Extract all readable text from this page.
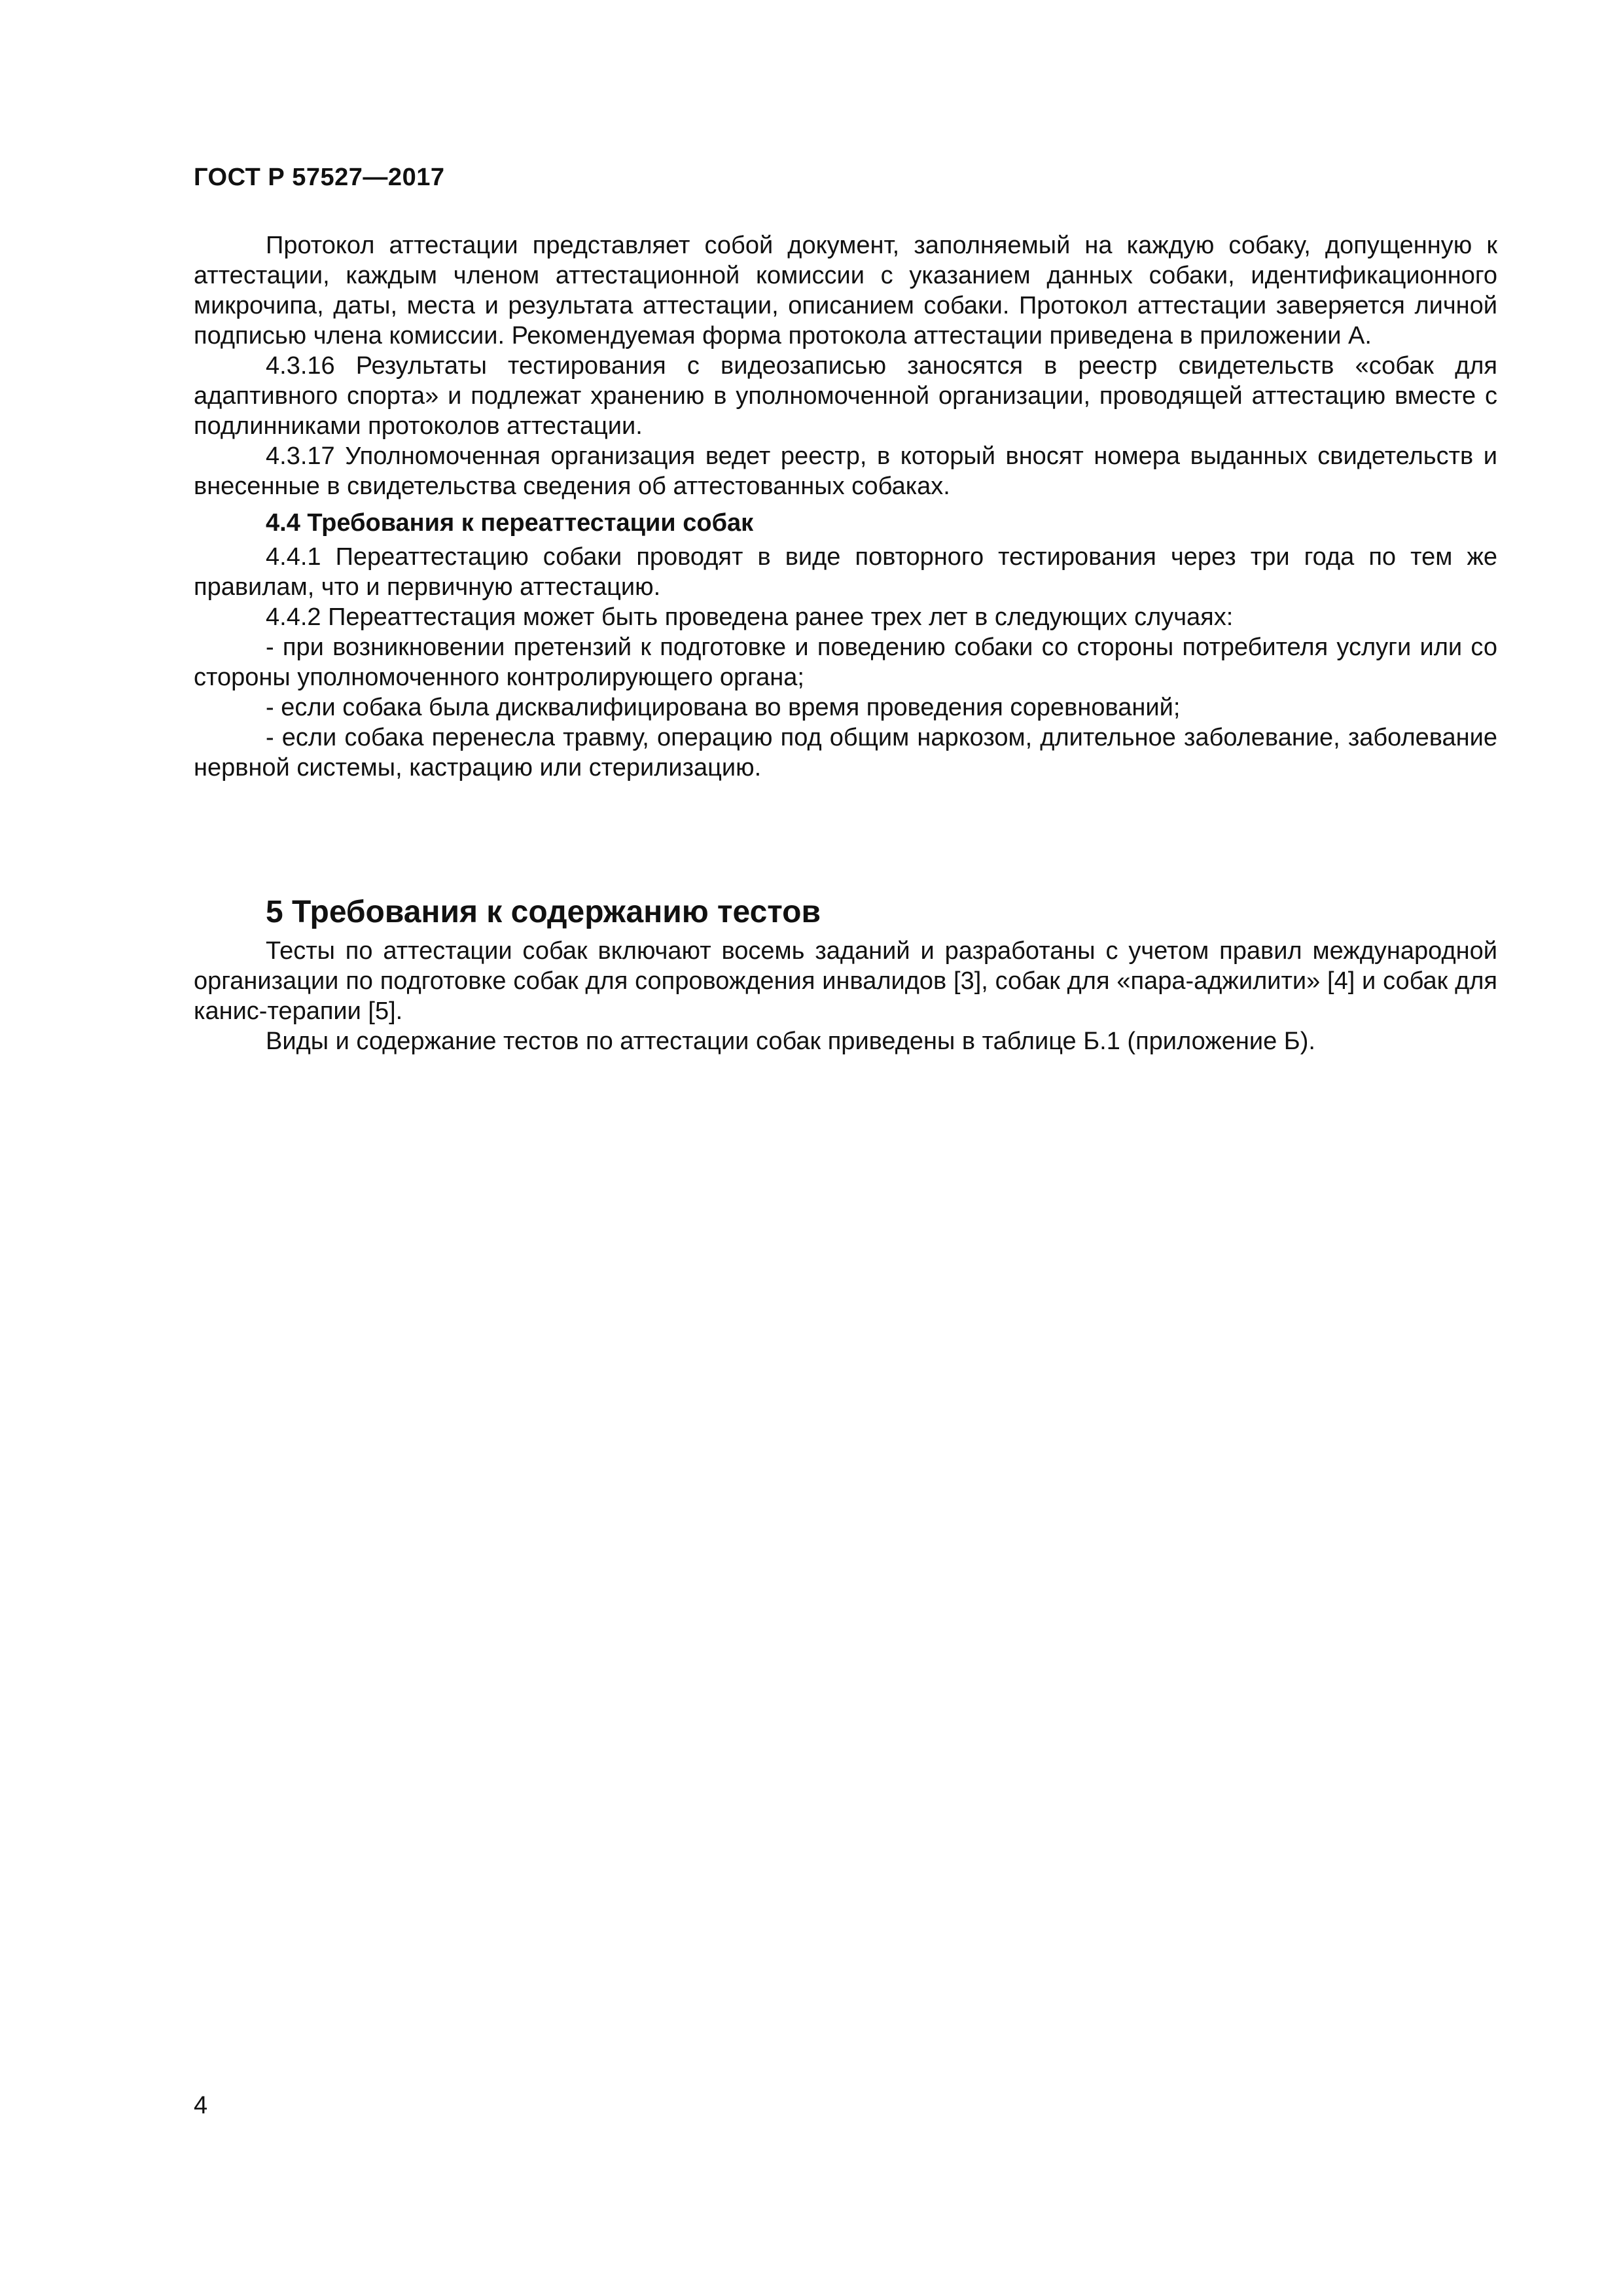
ГОСТ Р 57527—2017

Протокол аттестации представляет собой документ, заполняемый на каждую собаку, допущенную к аттестации, каждым членом аттестационной комиссии с указанием данных собаки, идентификационного микрочипа, даты, места и результата аттестации, описанием собаки. Протокол аттестации заверяется личной подписью члена комиссии. Рекомендуемая форма протокола аттестации приведена в приложении А.

4.3.16 Результаты тестирования с видеозаписью заносятся в реестр свидетельств «собак для адаптивного спорта» и подлежат хранению в уполномоченной организации, проводящей аттестацию вместе с подлинниками протоколов аттестации.

4.3.17 Уполномоченная организация ведет реестр, в который вносят номера выданных свидетельств и внесенные в свидетельства сведения об аттестованных собаках.

4.4 Требования к переаттестации собак

4.4.1 Переаттестацию собаки проводят в виде повторного тестирования через три года по тем же правилам, что и первичную аттестацию.

4.4.2 Переаттестация может быть проведена ранее трех лет в следующих случаях:

- при возникновении претензий к подготовке и поведению собаки со стороны потребителя услуги или со стороны уполномоченного контролирующего органа;

- если собака была дисквалифицирована во время проведения соревнований;

- если собака перенесла травму, операцию под общим наркозом, длительное заболевание, заболевание нервной системы, кастрацию или стерилизацию.

5 Требования к содержанию тестов

Тесты по аттестации собак включают восемь заданий и разработаны с учетом правил международной организации по подготовке собак для сопровождения инвалидов [3], собак для «пара-аджилити» [4] и собак для канис-терапии [5].

Виды и содержание тестов по аттестации собак приведены в таблице Б.1 (приложение Б).

4
